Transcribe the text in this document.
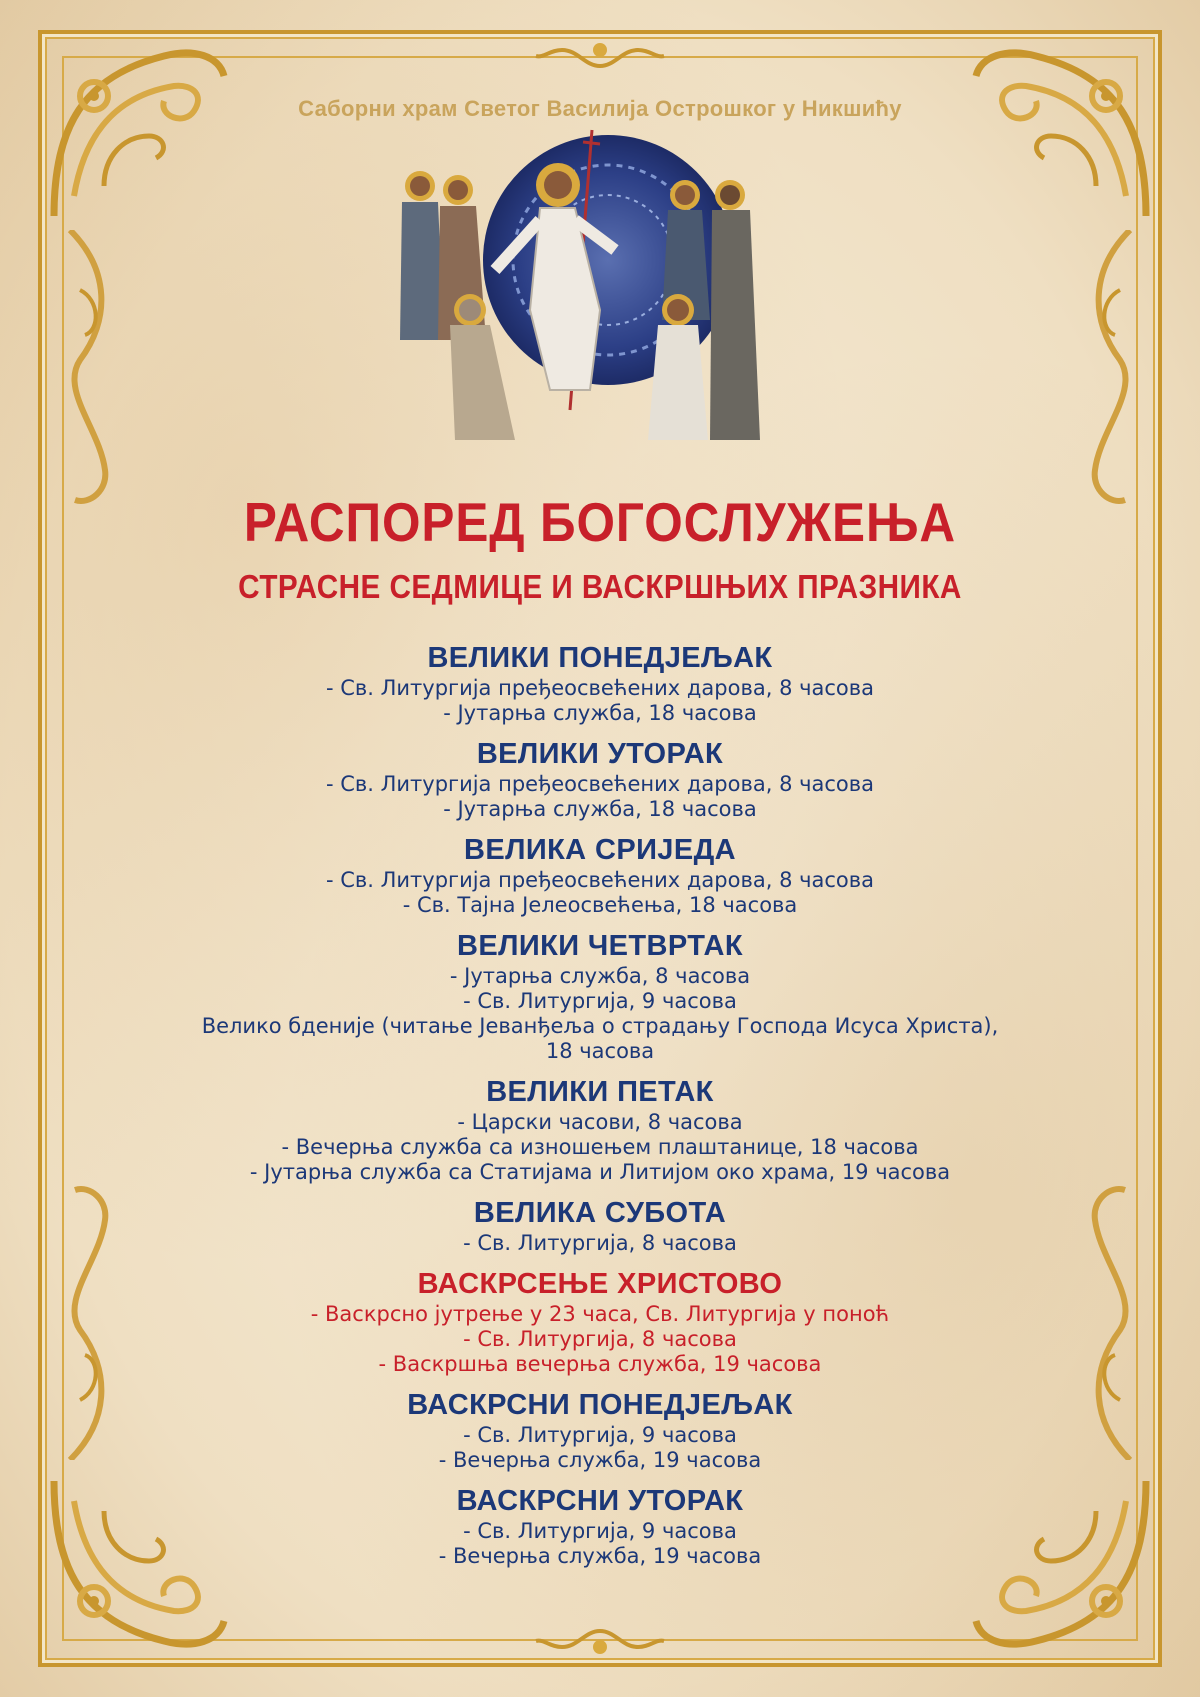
Саборни храм Светог Василија Острошког у Никшићу
РАСПОРЕД БОГОСЛУЖЕЊА
СТРАСНЕ СЕДМИЦЕ И ВАСКРШЊИХ ПРАЗНИКА
ВЕЛИКИ ПОНЕДЈЕЉАК
- Св. Литургија пређеосвећених дарова, 8 часова
- Јутарња служба, 18 часова
ВЕЛИКИ УТОРАК
- Св. Литургија пређеосвећених дарова, 8 часова
- Јутарња служба, 18 часова
ВЕЛИКА СРИЈЕДА
- Св. Литургија пређеосвећених дарова, 8 часова
- Св. Тајна Јелеосвећења, 18 часова
ВЕЛИКИ ЧЕТВРТАК
- Јутарња служба, 8 часова
- Св. Литургија, 9 часова
Велико бденије (читање Јеванђеља о страдању Господа Исуса Христа),
18 часова
ВЕЛИКИ ПЕТАК
- Царски часови, 8 часова
- Вечерња служба са изношењем плаштанице, 18 часова
- Јутарња служба са Статијама и Литијом око храма, 19 часова
ВЕЛИКА СУБОТА
- Св. Литургија, 8 часова
ВАСКРСЕЊЕ ХРИСТОВО
- Васкрсно јутрење у 23 часа, Св. Литургија у поноћ
- Св. Литургија, 8 часова
- Васкршња вечерња служба, 19 часова
ВАСКРСНИ ПОНЕДЈЕЉАК
- Св. Литургија, 9 часова
- Вечерња служба, 19 часова
ВАСКРСНИ УТОРАК
- Св. Литургија, 9 часова
- Вечерња служба, 19 часова
